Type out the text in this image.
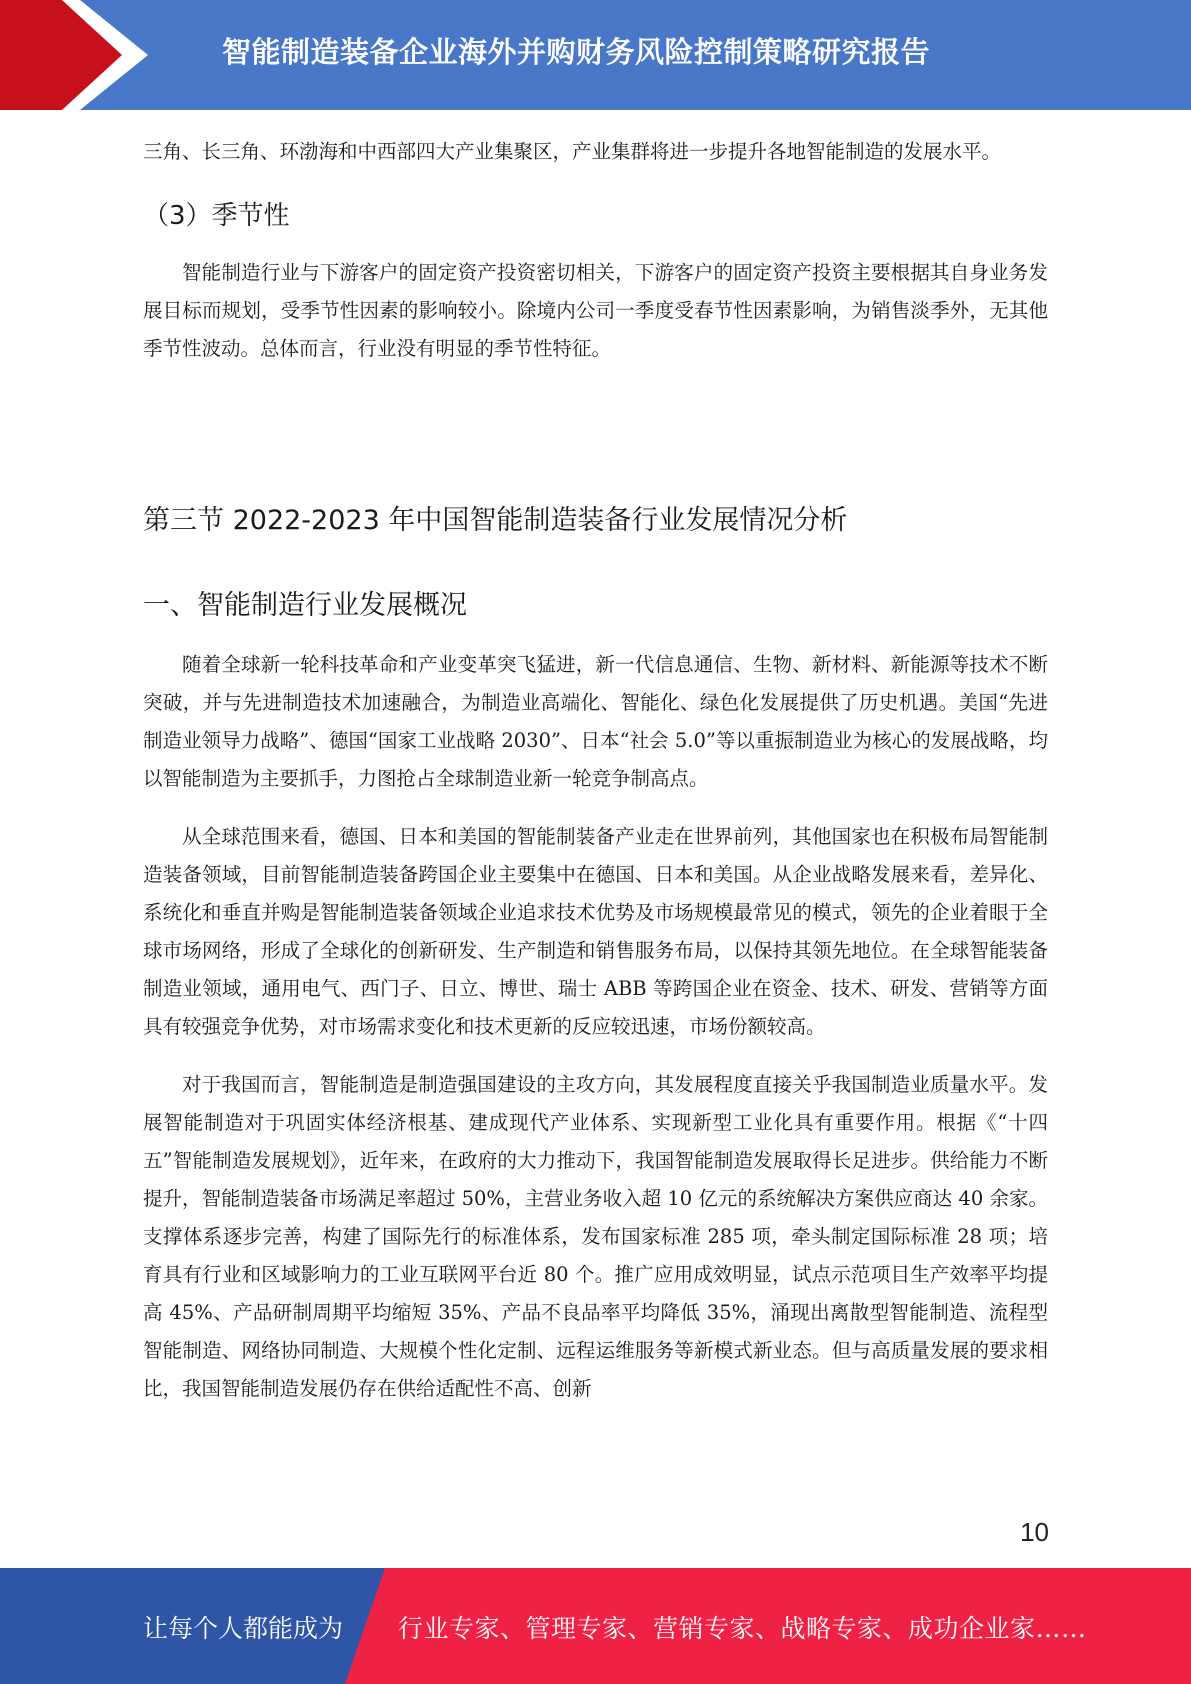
智能制造装备企业海外并购财务风险控制策略研究报告

三角、长三角、环渤海和中西部四大产业集聚区，产业集群将进一步提升各地智能制造的发展水平。

（3）季节性

智能制造行业与下游客户的固定资产投资密切相关，下游客户的固定资产投资主要根据其自身业务发展目标而规划，受季节性因素的影响较小。除境内公司一季度受春节性因素影响，为销售淡季外，无其他季节性波动。总体而言，行业没有明显的季节性特征。

第三节 2022-2023 年中国智能制造装备行业发展情况分析
一、智能制造行业发展概况

随着全球新一轮科技革命和产业变革突飞猛进，新一代信息通信、生物、新材料、新能源等技术不断突破，并与先进制造技术加速融合，为制造业高端化、智能化、绿色化发展提供了历史机遇。美国“先进制造业领导力战略”、德国“国家工业战略 2030”、日本“社会 5.0”等以重振制造业为核心的发展战略，均以智能制造为主要抓手，力图抢占全球制造业新一轮竞争制高点。

从全球范围来看，德国、日本和美国的智能制装备产业走在世界前列，其他国家也在积极布局智能制造装备领域，目前智能制造装备跨国企业主要集中在德国、日本和美国。从企业战略发展来看，差异化、系统化和垂直并购是智能制造装备领域企业追求技术优势及市场规模最常见的模式，领先的企业着眼于全球市场网络，形成了全球化的创新研发、生产制造和销售服务布局，以保持其领先地位。在全球智能装备制造业领域，通用电气、西门子、日立、博世、瑞士 ABB 等跨国企业在资金、技术、研发、营销等方面具有较强竞争优势，对市场需求变化和技术更新的反应较迅速，市场份额较高。

对于我国而言，智能制造是制造强国建设的主攻方向，其发展程度直接关乎我国制造业质量水平。发展智能制造对于巩固实体经济根基、建成现代产业体系、实现新型工业化具有重要作用。根据《“十四五”智能制造发展规划》，近年来，在政府的大力推动下，我国智能制造发展取得长足进步。供给能力不断提升，智能制造装备市场满足率超过 50%，主营业务收入超 10 亿元的系统解决方案供应商达 40 余家。支撑体系逐步完善，构建了国际先行的标准体系，发布国家标准 285 项，牵头制定国际标准 28 项；培育具有行业和区域影响力的工业互联网平台近 80 个。推广应用成效明显，试点示范项目生产效率平均提高 45%、产品研制周期平均缩短 35%、产品不良品率平均降低 35%，涌现出离散型智能制造、流程型智能制造、网络协同制造、大规模个性化定制、远程运维服务等新模式新业态。但与高质量发展的要求相比，我国智能制造发展仍存在供给适配性不高、创新

10
让每个人都能成为 行业专家、管理专家、营销专家、战略专家、成功企业家……
